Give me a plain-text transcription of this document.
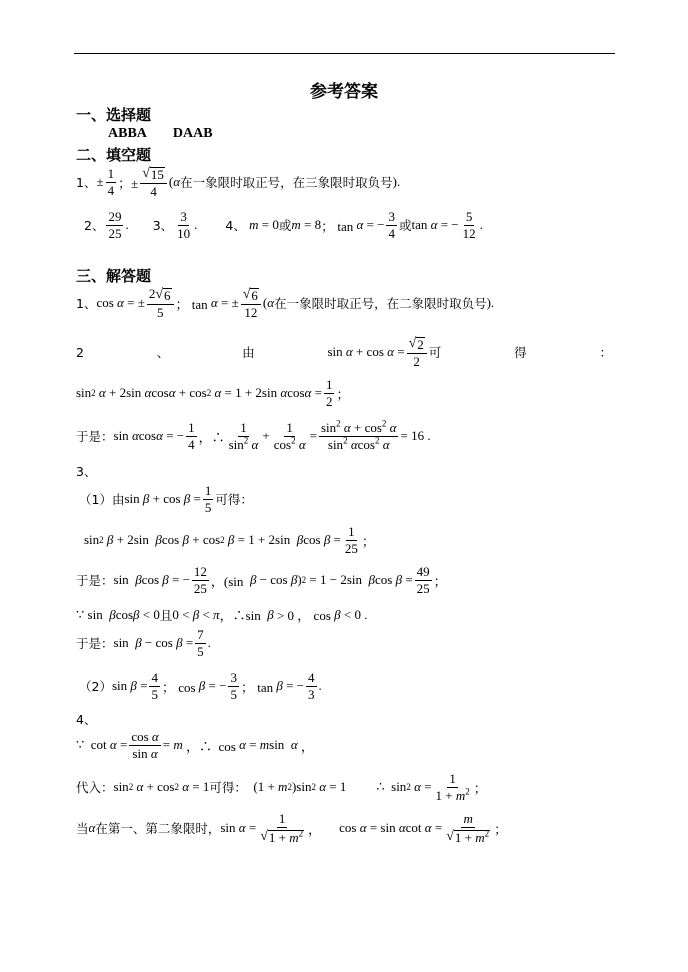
参考答案
一、选择题
ABBA DAAB
二、填空题
1、 ± $\frac{1}{4}$ ；± $\frac{√ 15}{4}$ ( α 在一象限时取正号，在三象限时取负号 ).
2、 $\frac{29}{25}$ . 3、 $\frac{3}{10}$ . 4、 m = 0 或 m = 8 ； tan α = − $\frac{3}{4}$ 或 tan α = − $\frac{5}{12}$ .
三、解答题
1、 cos α = ± $\frac{2 √ 6}{5}$ ； tan α = ± $\frac{√ 6}{12}$ ( α 在一象限时取正号，在二象限时取负号 ).
2	、	由	$\sin \alpha + \cos \alpha = \frac{√ 2}{2}$ 可	得	：
sin 2
α + 2sin α cos α + cos 2
α = 1 + 2sin α $\cos \alpha = \frac{1}{2}$ ；
于是： sin α cos α = − $\frac{1}{4}$ ，∴ $\frac{1}{\sin^2 \alpha} + \frac{1}{\cos^2 \alpha} = \frac{\sin^2 \alpha + \cos^2 \alpha}{\sin^2 \alpha\cos^2 \alpha} = 16$ .
3、
（1）由 $\sin \beta + \cos \beta = \frac{1}{5}$ 可得：
sin 2
β + 2sin β cos β + cos 2
β = 1 + 2sin β $\cos \beta = \frac{1}{25}$ ；
于是： sin β cos β = − $\frac{12}{25}$ ，(sin β − cos β ) 2 = 1 − 2sin β $\cos \beta = \frac{49}{25}$ ；
∵ sin β cos β < 0 且 0 < β < π ，∴sin β > 0 ， cos β < 0 .
于是： $\sin \beta - \cos \beta = \frac{7}{5}$ .
（2） $\sin \beta = \frac{4}{5}$ ； cos β = − $\frac{3}{5}$ ； tan β = − $\frac{4}{3}$ .
4、
∵  $\cot \alpha = \frac{\text{cos α}}{\text{sin α}} = m$ ，∴  cos α = m sin α ，
代入： sin 2
α + cos 2
α = 1 可得： (1 + m 2 )sin 2
α = 1 ∴  sin 2
$\alpha = \frac{1}{1 + m^2}$ ；
当 α 在第一、第二象限时， $\sin \alpha = \frac{1}{√ 1 + m^2}$ ， cos α = sin α $\cot \alpha = \frac{m}{√ 1 + m^2}$ ；
